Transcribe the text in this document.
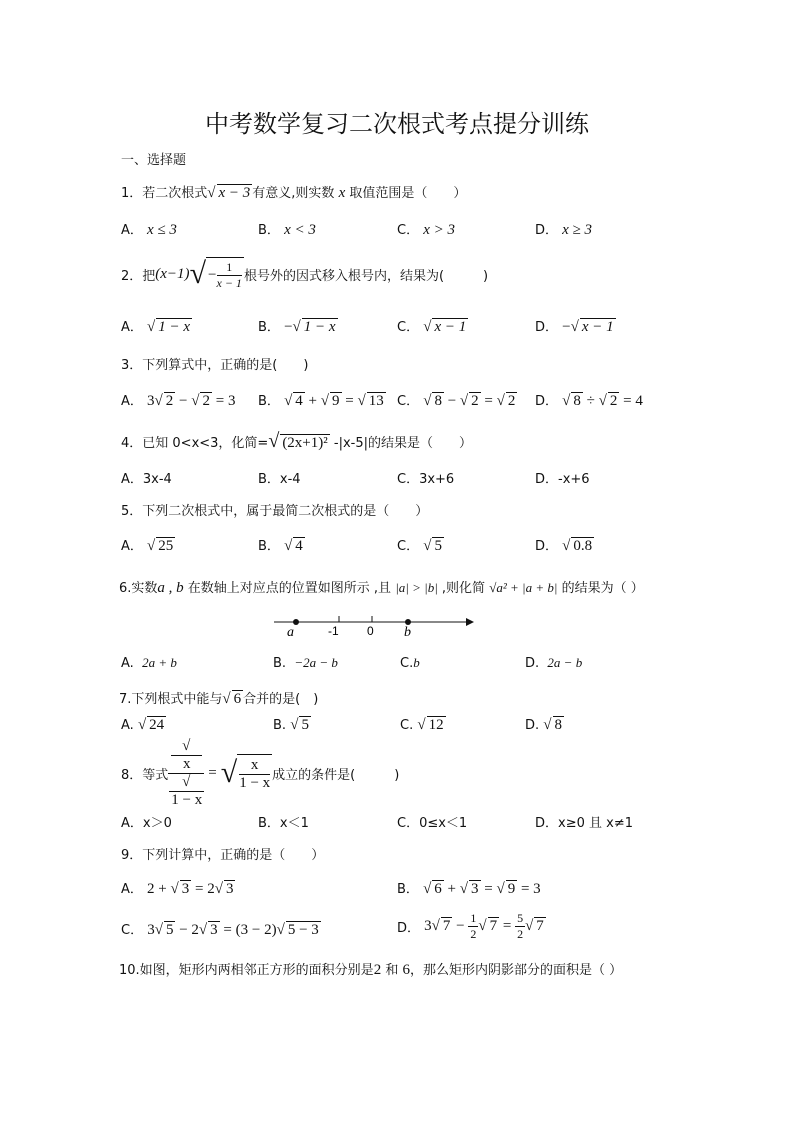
中考数学复习二次根式考点提分训练
一、选择题
1．若二次根式√ x − 3 有意义,则实数 x 取值范围是（　　）
A． x ≤ 3	B． x < 3	C． x > 3	D． x ≥ 3
2．把 (x−1) √ − $\frac{1}{x - 1}$ 根号外的因式移入根号内，结果为(　　　)
A． √ 1 − x	B． −√ 1 − x	C． √ x − 1	D． −√ x − 1
3．下列算式中，正确的是(　　)
A． 3√ 2 − √ 2 = 3 B． √ 4 + √ 9 = √ 13 C． √ 8 − √ 2 = √ 2 D． √ 8 ÷ √ 2 = 4
4．已知 0<x<3，化简=√ (2x+1)² -|x-5|的结果是（　　）
A．3x-4	B．x-4	C．3x+6	D．-x+6
5．下列二次根式中，属于最简二次根式的是（　　）
A． √ 25	B． √ 4	C． √ 5	D． √ 0.8
6.实数a , b 在数轴上对应点的位置如图所示 ,且 |a| > |b| ,则化简 √a² + |a + b| 的结果为（ ）
a	-1 0 b
A. 2a + b	B. −2a − b	C.b	D. 2a − b
7.下列根式中能与√ 6 合并的是(　)
A. √ 24	B. √ 5	C. √ 12	D. √ 8
8．等式 √
x
√
1 − x = √ $\frac{x}{1 - x}$ 成立的条件是(　　　)
A．x＞0	B．x＜1	C．0≤x＜1	D．x≥0 且 x≠1
9．下列计算中，正确的是（　　）
A． 2 + √ 3 = 2√ 3	B． √ 6 + √ 3 = √ 9 = 3
C． 3√ 5 − 2√ 3 = (3 − 2)√ 5 − 3	D．
3√ $7 - \frac{1}{2}$ √ $7 = \frac{5}{2}$ √ 7
10.如图，矩形内两相邻正方形的面积分别是2 和 6，那么矩形内阴影部分的面积是（ ）
